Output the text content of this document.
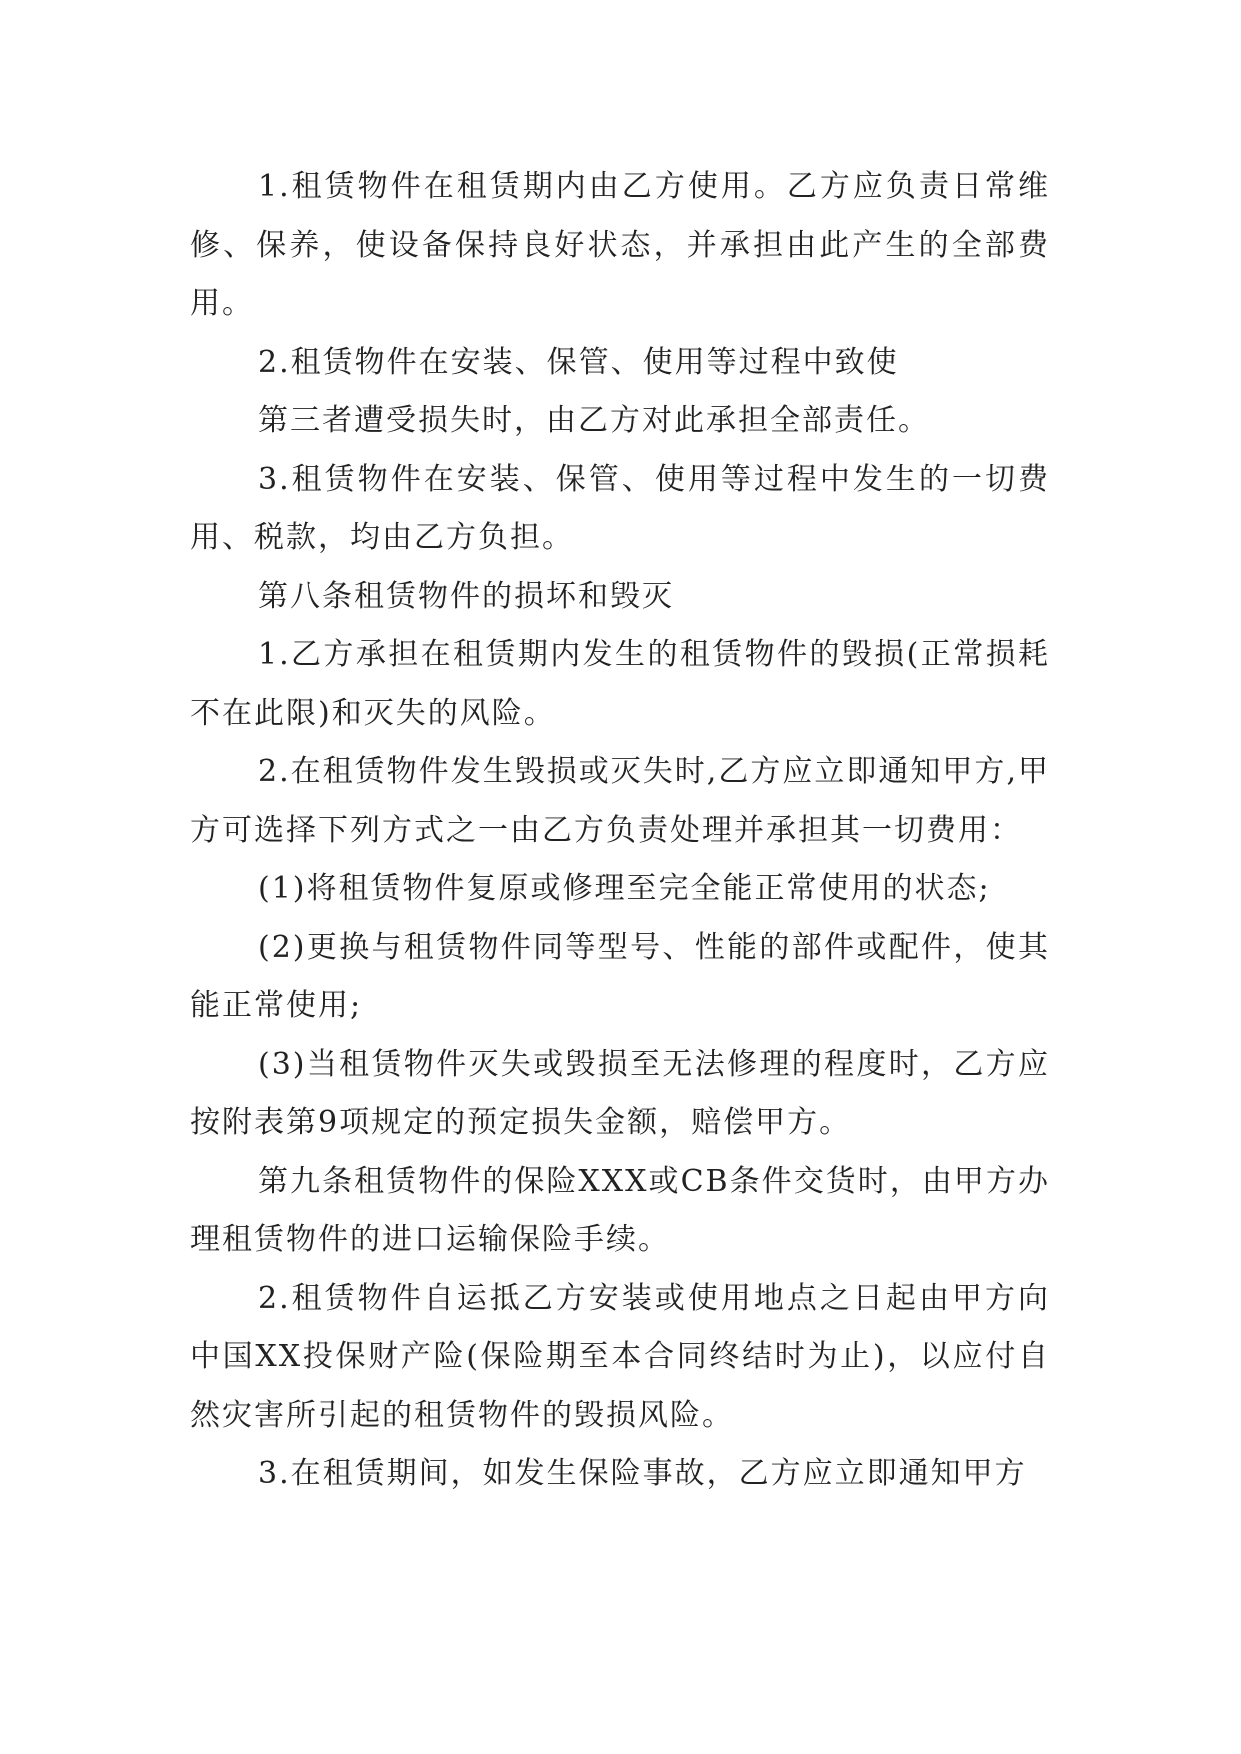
1.租赁物件在租赁期内由乙方使用。乙方应负责日常维修、保养，使设备保持良好状态，并承担由此产生的全部费用。

2.租赁物件在安装、保管、使用等过程中致使

第三者遭受损失时，由乙方对此承担全部责任。

3.租赁物件在安装、保管、使用等过程中发生的一切费用、税款，均由乙方负担。

第八条租赁物件的损坏和毁灭

1.乙方承担在租赁期内发生的租赁物件的毁损(正常损耗不在此限)和灭失的风险。

2.在租赁物件发生毁损或灭失时,乙方应立即通知甲方,甲方可选择下列方式之一由乙方负责处理并承担其一切费用：

(1)将租赁物件复原或修理至完全能正常使用的状态;

(2)更换与租赁物件同等型号、性能的部件或配件，使其能正常使用;

(3)当租赁物件灭失或毁损至无法修理的程度时，乙方应按附表第9项规定的预定损失金额，赔偿甲方。

第九条租赁物件的保险XXX或CB条件交货时，由甲方办理租赁物件的进口运输保险手续。

2.租赁物件自运抵乙方安装或使用地点之日起由甲方向中国XX投保财产险(保险期至本合同终结时为止)，以应付自然灾害所引起的租赁物件的毁损风险。

3.在租赁期间，如发生保险事故，乙方应立即通知甲方
